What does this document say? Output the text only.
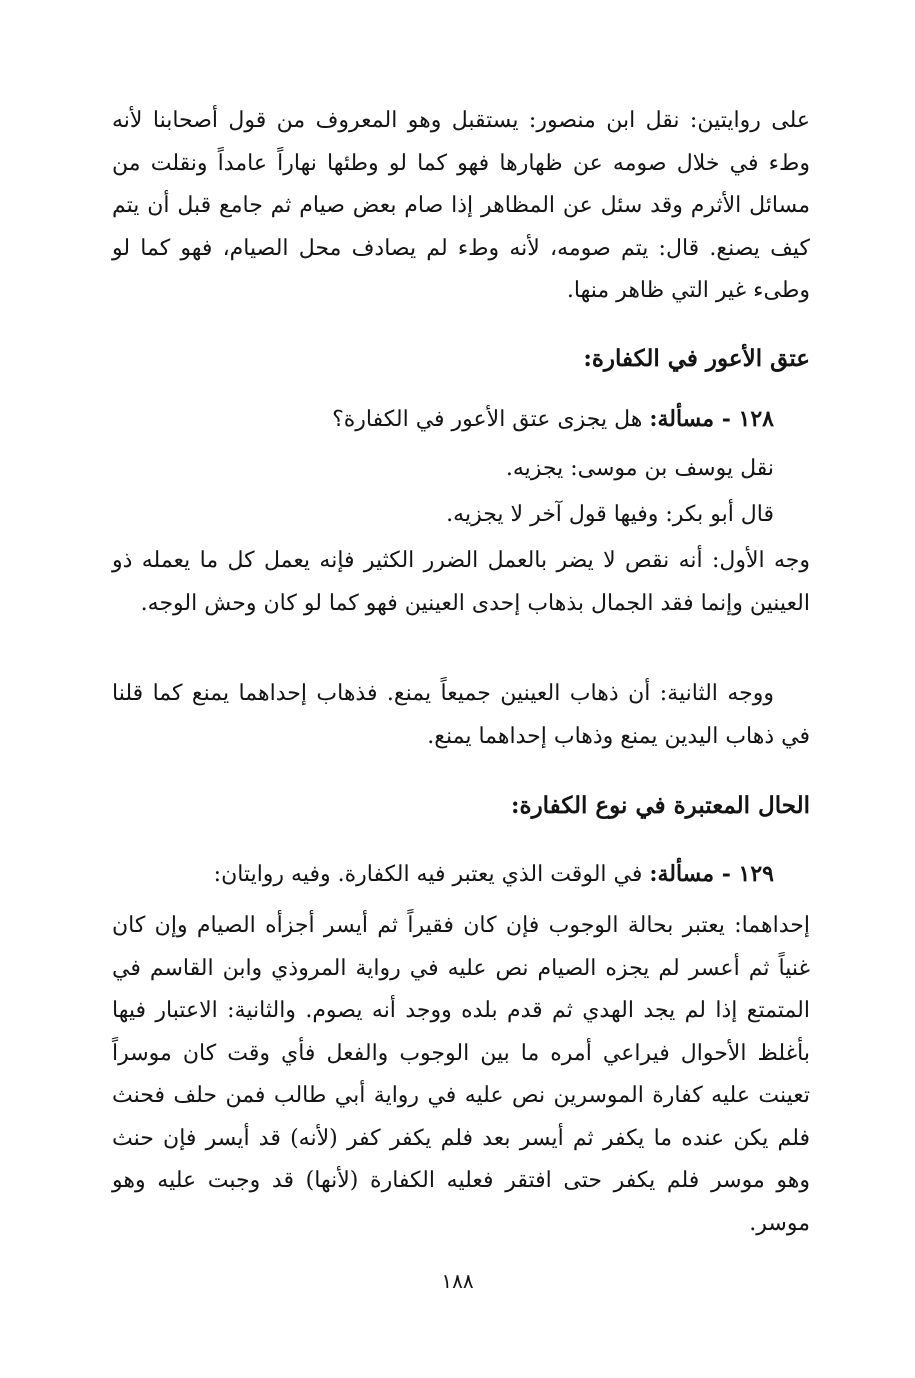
على روايتين: نقل ابن منصور: يستقبل وهو المعروف من قول أصحابنا لأنه وطء في خلال صومه عن ظهارها فهو كما لو وطئها نهاراً عامداً ونقلت من مسائل الأثرم وقد سئل عن المظاهر إذا صام بعض صيام ثم جامع قبل أن يتم كيف يصنع. قال: يتم صومه، لأنه وطء لم يصادف محل الصيام، فهو كما لو وطىء غير التي ظاهر منها.

عتق الأعور في الكفارة:

١٢٨ - مسألة: هل يجزى عتق الأعور في الكفارة؟

نقل يوسف بن موسى: يجزيه.

قال أبو بكر: وفيها قول آخر لا يجزيه.

وجه الأول: أنه نقص لا يضر بالعمل الضرر الكثير فإنه يعمل كل ما يعمله ذو العينين وإنما فقد الجمال بذهاب إحدى العينين فهو كما لو كان وحش الوجه.

ووجه الثانية: أن ذهاب العينين جميعاً يمنع. فذهاب إحداهما يمنع كما قلنا في ذهاب اليدين يمنع وذهاب إحداهما يمنع.

الحال المعتبرة في نوع الكفارة:

١٢٩ - مسألة: في الوقت الذي يعتبر فيه الكفارة. وفيه روايتان:

إحداهما: يعتبر بحالة الوجوب فإن كان فقيراً ثم أيسر أجزأه الصيام وإن كان غنياً ثم أعسر لم يجزه الصيام نص عليه في رواية المروذي وابن القاسم في المتمتع إذا لم يجد الهدي ثم قدم بلده ووجد أنه يصوم. والثانية: الاعتبار فيها بأغلظ الأحوال فيراعي أمره ما بين الوجوب والفعل فأي وقت كان موسراً تعينت عليه كفارة الموسرين نص عليه في رواية أبي طالب فمن حلف فحنث فلم يكن عنده ما يكفر ثم أيسر بعد فلم يكفر كفر (لأنه) قد أيسر فإن حنث وهو موسر فلم يكفر حتى افتقر فعليه الكفارة (لأنها) قد وجبت عليه وهو موسر.

١٨٨
